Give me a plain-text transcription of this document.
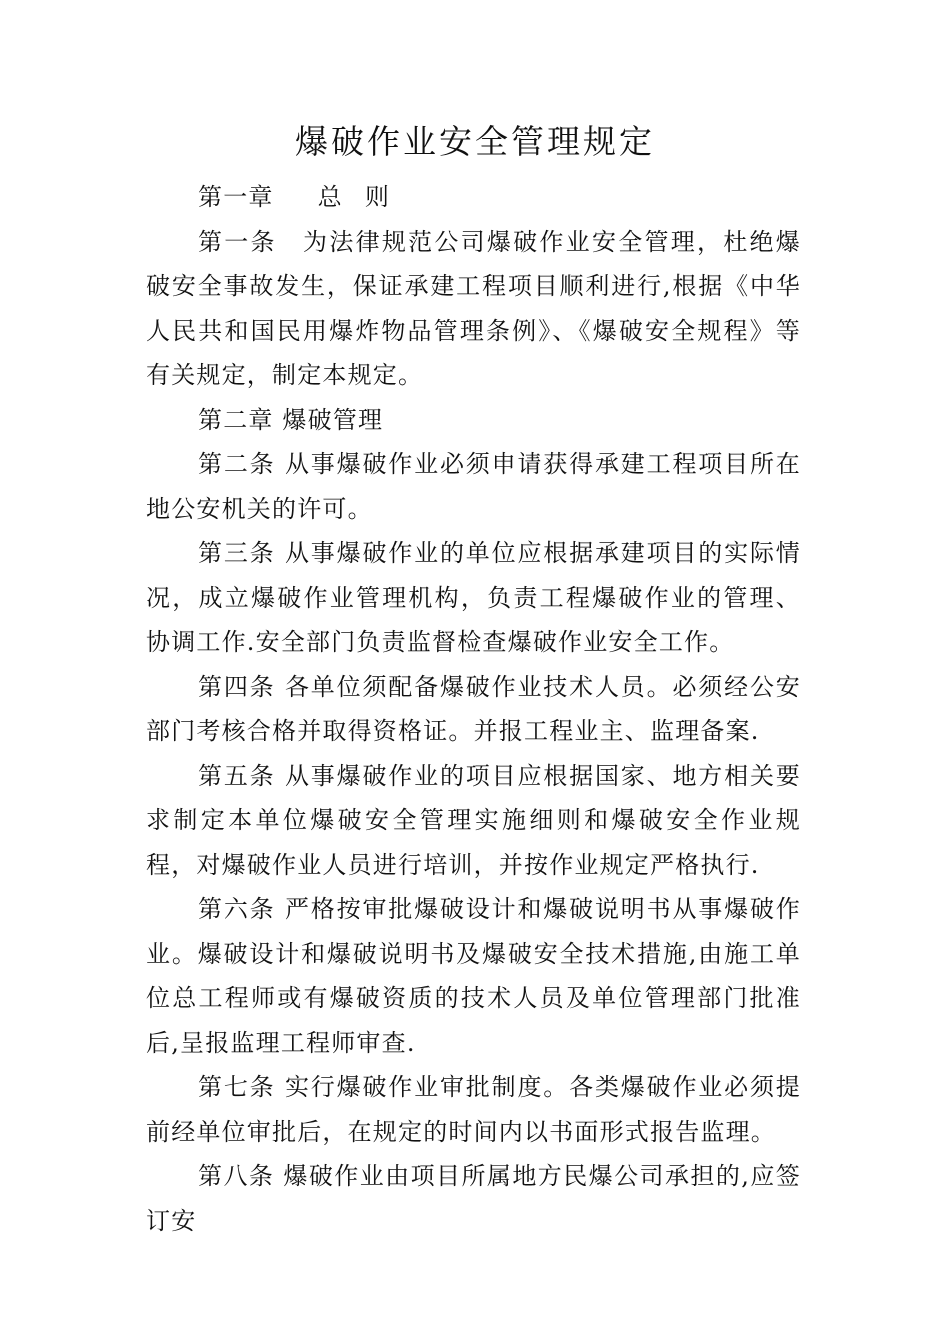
爆破作业安全管理规定

第一章 总 则

第一条　为法律规范公司爆破作业安全管理，杜绝爆破安全事故发生，保证承建工程项目顺利进行,根据《中华人民共和国民用爆炸物品管理条例》、《爆破安全规程》等有关规定，制定本规定。

第二章 爆破管理

第二条 从事爆破作业必须申请获得承建工程项目所在地公安机关的许可。

第三条 从事爆破作业的单位应根据承建项目的实际情况，成立爆破作业管理机构，负责工程爆破作业的管理、协调工作.安全部门负责监督检查爆破作业安全工作。

第四条 各单位须配备爆破作业技术人员。必须经公安部门考核合格并取得资格证。并报工程业主、监理备案.

第五条 从事爆破作业的项目应根据国家、地方相关要求制定本单位爆破安全管理实施细则和爆破安全作业规程，对爆破作业人员进行培训，并按作业规定严格执行.

第六条 严格按审批爆破设计和爆破说明书从事爆破作业。爆破设计和爆破说明书及爆破安全技术措施,由施工单位总工程师或有爆破资质的技术人员及单位管理部门批准后,呈报监理工程师审查.

第七条 实行爆破作业审批制度。各类爆破作业必须提前经单位审批后，在规定的时间内以书面形式报告监理。

第八条 爆破作业由项目所属地方民爆公司承担的,应签订安
